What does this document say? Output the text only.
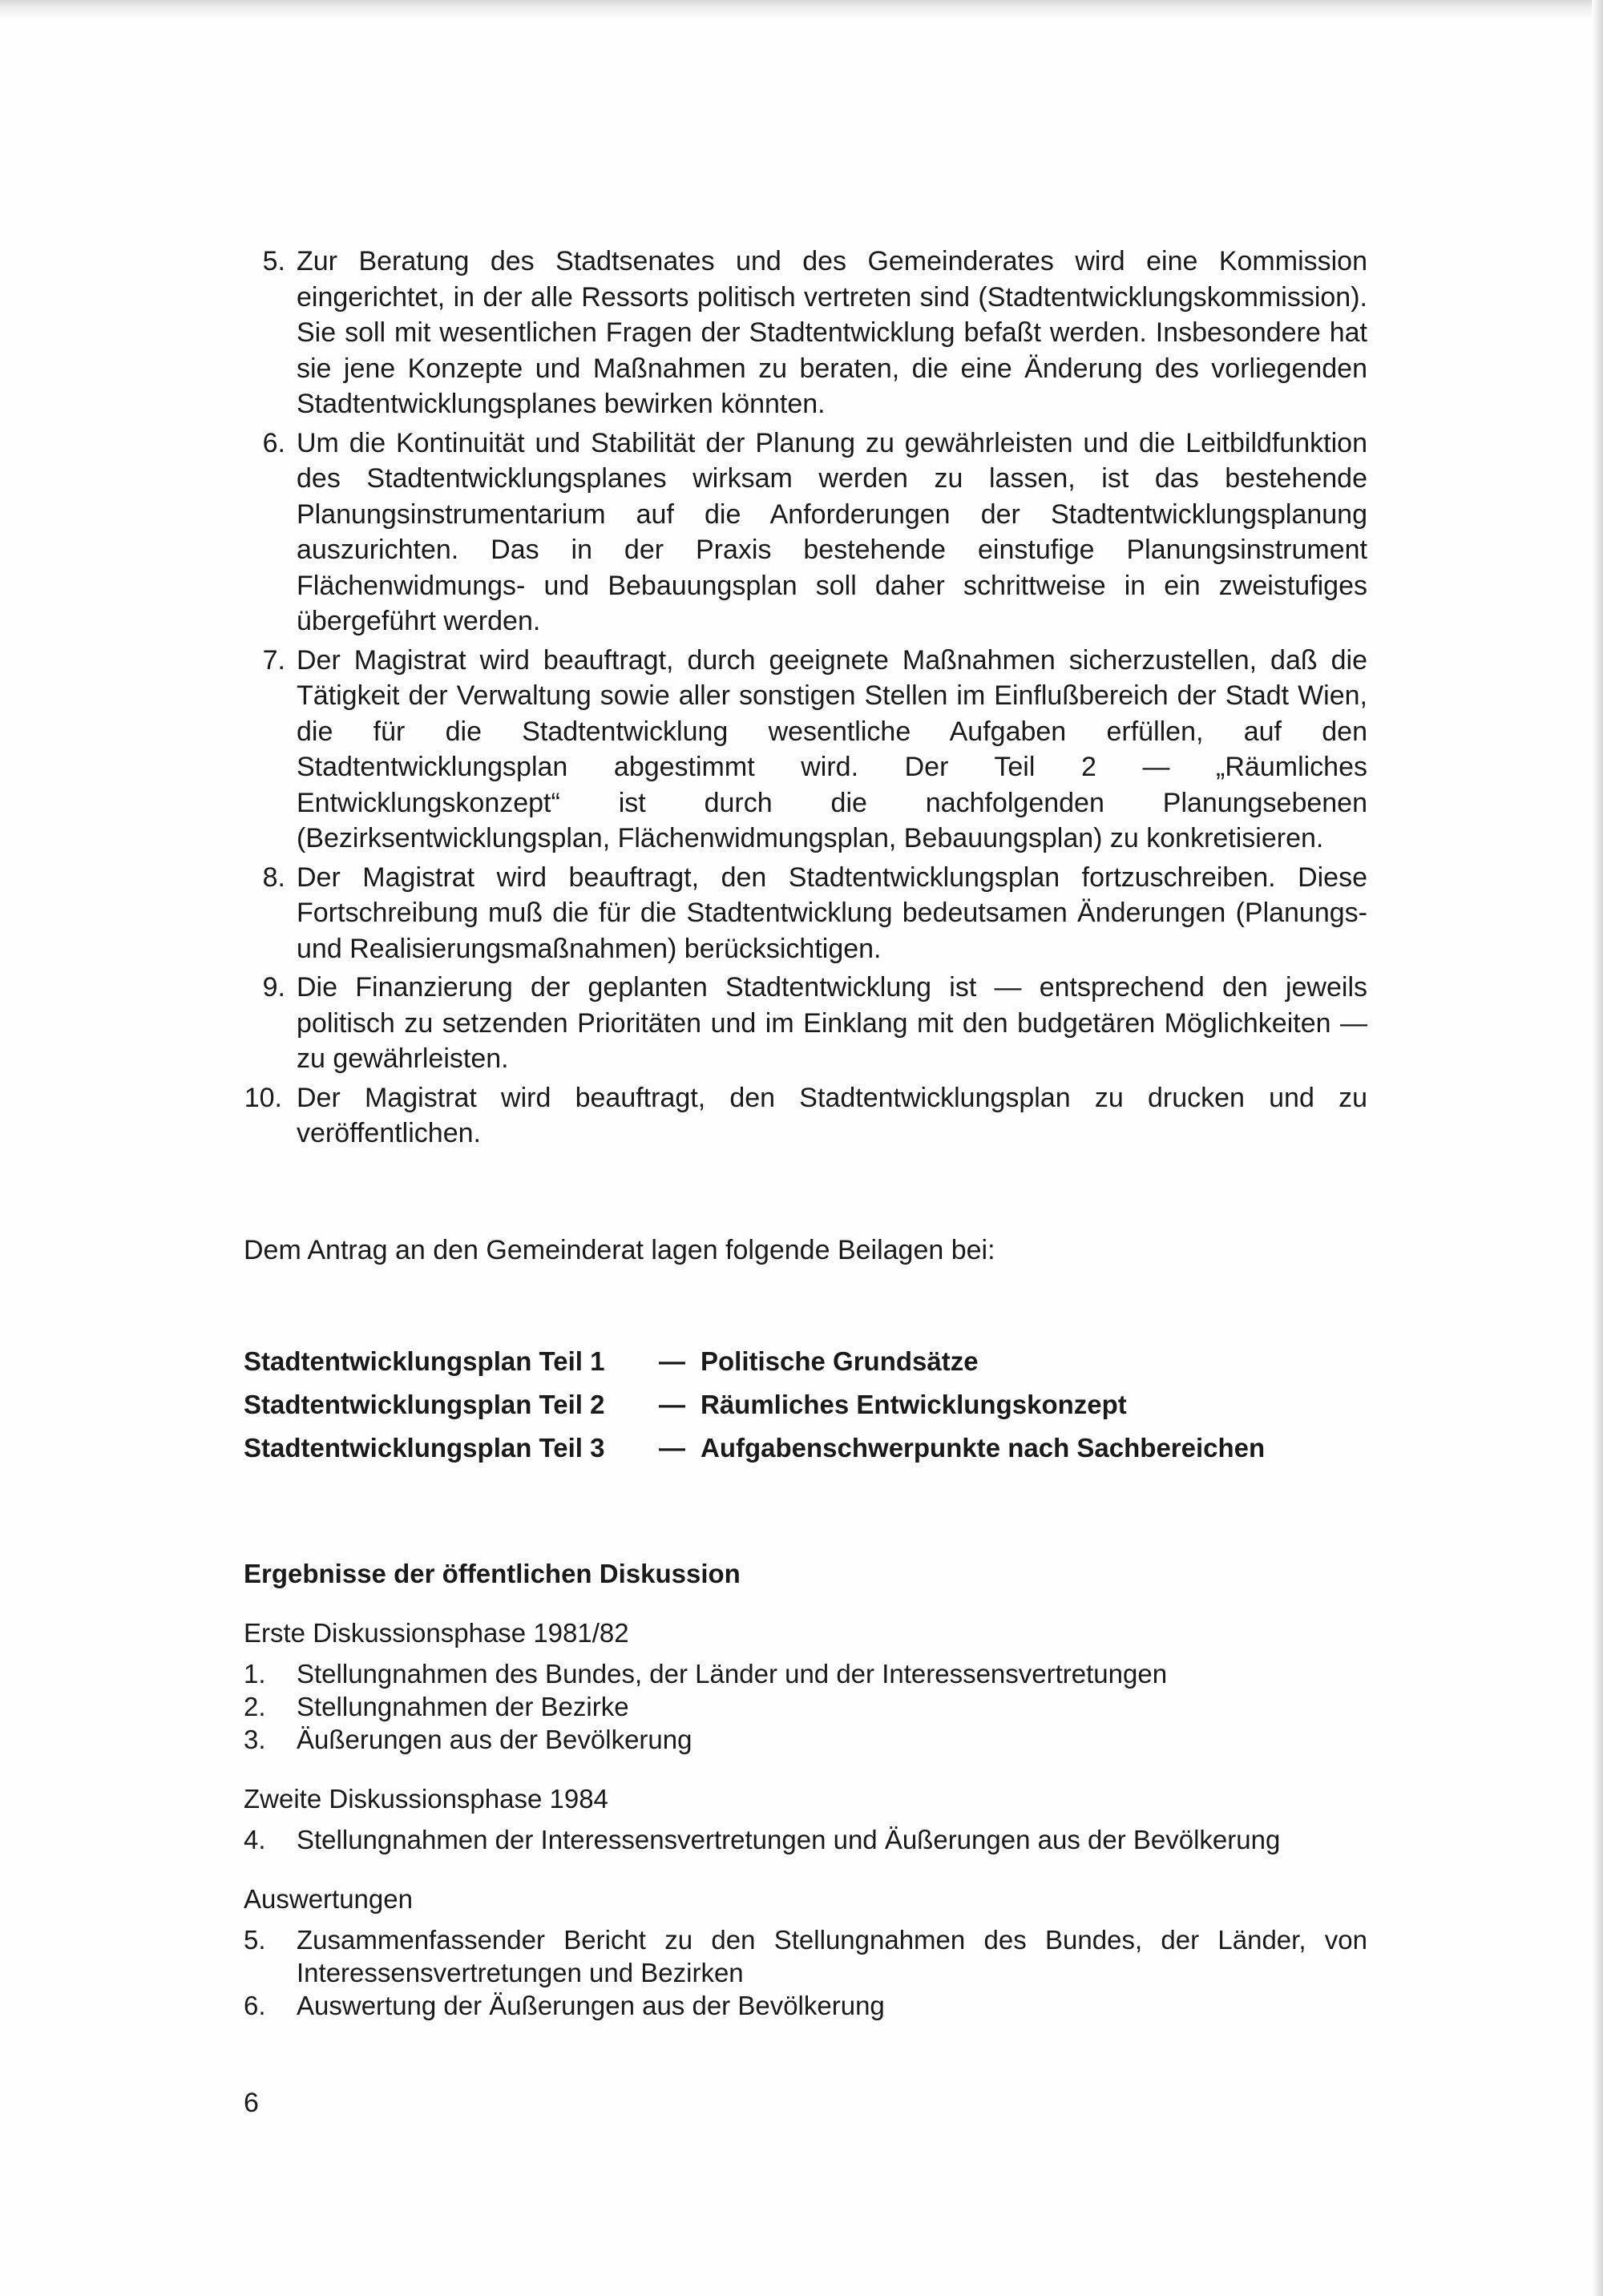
5. Zur Beratung des Stadtsenates und des Gemeinderates wird eine Kommission eingerichtet, in der alle Ressorts politisch vertreten sind (Stadtentwicklungskommission). Sie soll mit wesentlichen Fragen der Stadtentwicklung befaßt werden. Insbesondere hat sie jene Konzepte und Maßnahmen zu beraten, die eine Änderung des vorliegenden Stadtentwicklungsplanes bewirken könnten.
6. Um die Kontinuität und Stabilität der Planung zu gewährleisten und die Leitbildfunktion des Stadtentwicklungsplanes wirksam werden zu lassen, ist das bestehende Planungsinstrumentarium auf die Anforderungen der Stadtentwicklungsplanung auszurichten. Das in der Praxis bestehende einstufige Planungsinstrument Flächenwidmungs- und Bebauungsplan soll daher schrittweise in ein zweistufiges übergeführt werden.
7. Der Magistrat wird beauftragt, durch geeignete Maßnahmen sicherzustellen, daß die Tätigkeit der Verwaltung sowie aller sonstigen Stellen im Einflußbereich der Stadt Wien, die für die Stadtentwicklung wesentliche Aufgaben erfüllen, auf den Stadtentwicklungsplan abgestimmt wird. Der Teil 2 — „Räumliches Entwicklungskonzept“ ist durch die nachfolgenden Planungsebenen (Bezirksentwicklungsplan, Flächenwidmungsplan, Bebauungsplan) zu konkretisieren.
8. Der Magistrat wird beauftragt, den Stadtentwicklungsplan fortzuschreiben. Diese Fortschreibung muß die für die Stadtentwicklung bedeutsamen Änderungen (Planungs- und Realisierungsmaßnahmen) berücksichtigen.
9. Die Finanzierung der geplanten Stadtentwicklung ist — entsprechend den jeweils politisch zu setzenden Prioritäten und im Einklang mit den budgetären Möglichkeiten — zu gewährleisten.
10. Der Magistrat wird beauftragt, den Stadtentwicklungsplan zu drucken und zu veröffentlichen.

Dem Antrag an den Gemeinderat lagen folgende Beilagen bei:

Stadtentwicklungsplan Teil 1	— Politische Grundsätze
Stadtentwicklungsplan Teil 2	— Räumliches Entwicklungskonzept
Stadtentwicklungsplan Teil 3	— Aufgabenschwerpunkte nach Sachbereichen
Ergebnisse der öffentlichen Diskussion
Erste Diskussionsphase 1981/82
1. Stellungnahmen des Bundes, der Länder und der Interessensvertretungen
2. Stellungnahmen der Bezirke
3. Äußerungen aus der Bevölkerung
Zweite Diskussionsphase 1984
4. Stellungnahmen der Interessensvertretungen und Äußerungen aus der Bevölkerung
Auswertungen
5. Zusammenfassender Bericht zu den Stellungnahmen des Bundes, der Länder, von Interessensvertretungen und Bezirken
6. Auswertung der Äußerungen aus der Bevölkerung
6
